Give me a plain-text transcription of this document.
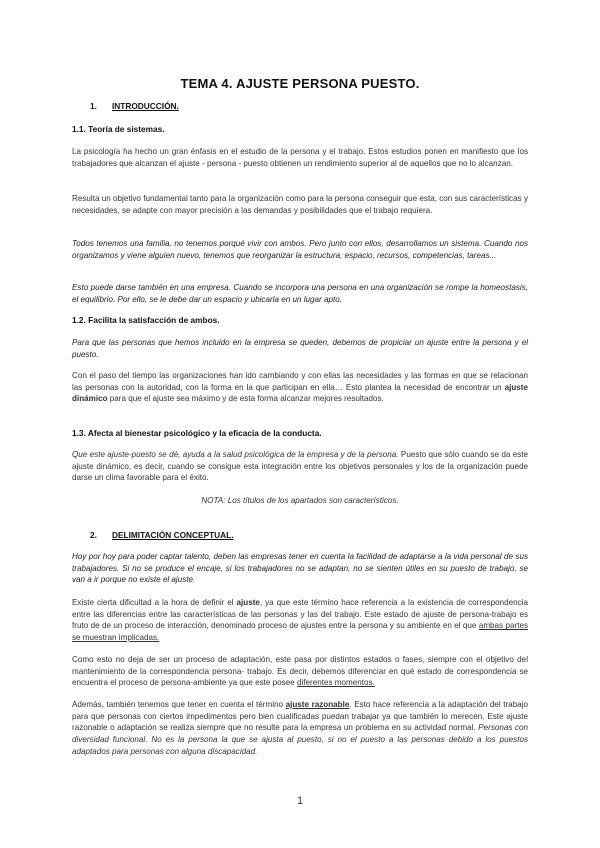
TEMA 4. AJUSTE PERSONA PUESTO.
1. INTRODUCCIÓN.
1.1. Teoría de sistemas.

La psicología ha hecho un gran énfasis en el estudio de la persona y el trabajo. Estos estudios ponen en manifiesto que los trabajadores que alcanzan el ajuste - persona - puesto obtienen un rendimiento superior al de aquellos que no lo alcanzan.

Resulta un objetivo fundamental tanto para la organización como para la persona conseguir que esta, con sus características y necesidades, se adapte con mayor precisión a las demandas y posibilidades que el trabajo requiera.

Todos tenemos una familia, no tenemos porqué vivir con ambos. Pero junto con ellos, desarrollamos un sistema. Cuando nos organizamos y viene alguien nuevo, tenemos que reorganizar la estructura, espacio, recursos, competencias, tareas...

Esto puede darse también en una empresa. Cuando se incorpora una persona en una organización se rompe la homeostasis, el equilibrio. Por ello, se le debe dar un espacio y ubicarla en un lugar apto.

1.2. Facilita la satisfacción de ambos.

Para que las personas que hemos incluido en la empresa se queden, debemos de propiciar un ajuste entre la persona y el puesto.

Con el paso del tiempo las organizaciones han ido cambiando y con ellas las necesidades y las formas en que se relacionan las personas con la autoridad, con la forma en la que participan en ella… Esto plantea la necesidad de encontrar un ajuste dinámico para que el ajuste sea máximo y de esta forma alcanzar mejores resultados.

1.3. Afecta al bienestar psicológico y la eficacia de la conducta.

Que este ajuste-puesto se dé, ayuda a la salud psicológica de la empresa y de la persona. Puesto que sólo cuando se da este ajuste dinámico, es decir, cuando se consigue esta integración entre los objetivos personales y los de la organización puede darse un clima favorable para el éxito.

NOTA: Los títulos de los apartados son característicos.
2. DELIMITACIÓN CONCEPTUAL.

Hoy por hoy para poder captar talento, deben las empresas tener en cuenta la facilidad de adaptarse a la vida personal de sus trabajadores. Si no se produce el encaje, si los trabajadores no se adaptan, no se sienten útiles en su puesto de trabajo, se van a ir porque no existe el ajuste.

Existe cierta dificultad a la hora de definir el ajuste, ya que este término hace referencia a la existencia de correspondencia entre las diferencias entre las características de las personas y las del trabajo. Este estado de ajuste de persona-trabajo es fruto de de un proceso de interacción, denominado proceso de ajustes entre la persona y su ambiente en el que ambas partes se muestran implicadas.

Como esto no deja de ser un proceso de adaptación, este pasa por distintos estados o fases, siempre con el objetivo del mantenimiento de la correspondencia persona- trabajo. Es decir, debemos diferenciar en qué estado de correspondencia se encuentra el proceso de persona-ambiente ya que este posee diferentes momentos.

Además, también tenemos que tener en cuenta el término ajuste razonable. Esto hace referencia a la adaptación del trabajo para que personas con ciertos impedimentos pero bien cualificadas puedan trabajar ya que también lo merecen. Este ajuste razonable o adaptación se realiza siempre que no resulte para la empresa un problema en su actividad normal. Personas con diversidad funcional. No es la persona la que se ajusta al puesto, si no el puesto a las personas debido a los puestos adaptados para personas con alguna discapacidad.

1
